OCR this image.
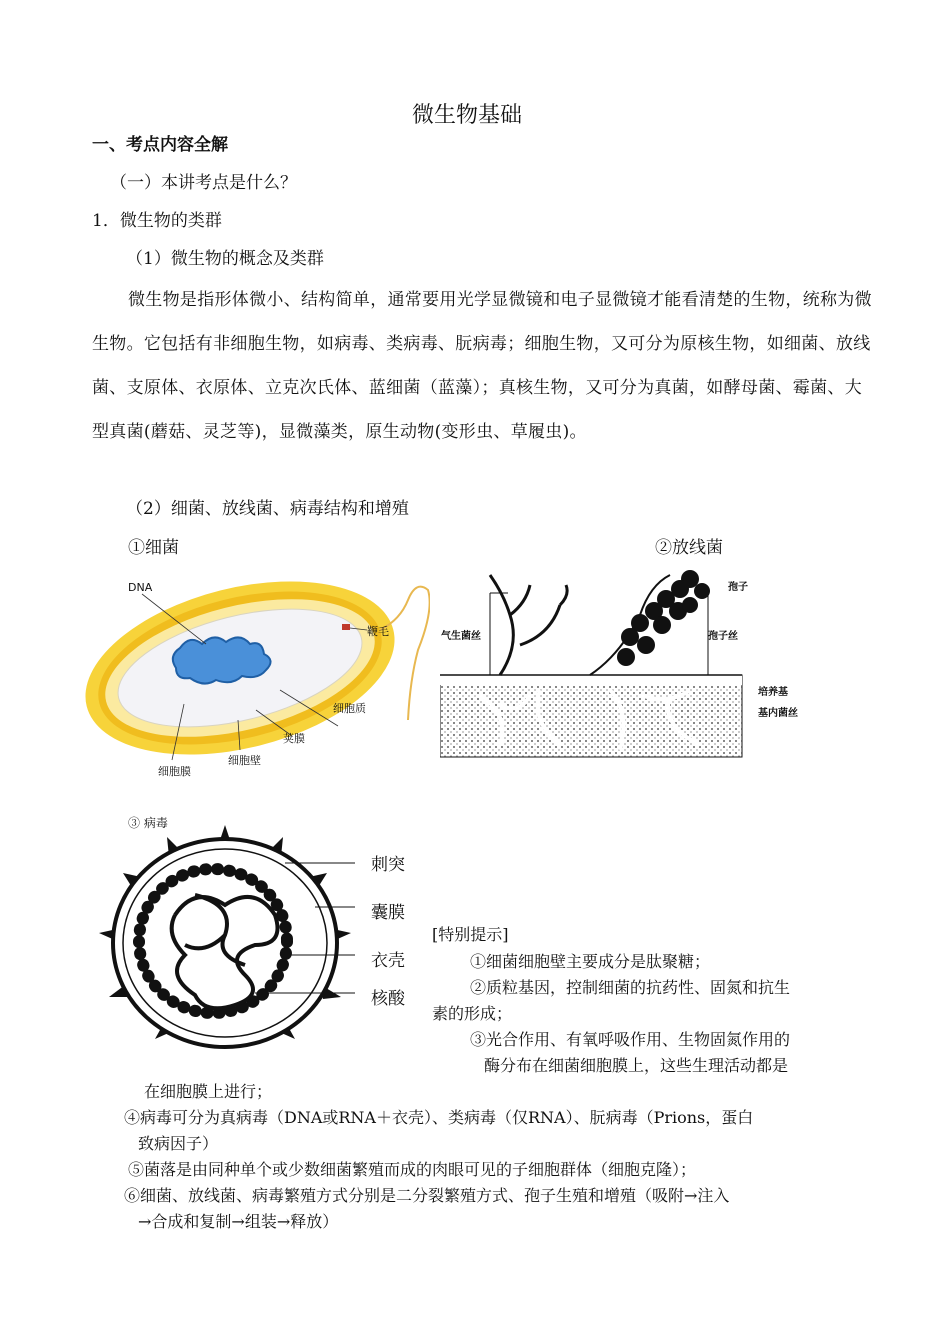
微生物基础
一、考点内容全解
（一）本讲考点是什么？
1．微生物的类群
（1）微生物的概念及类群
微生物是指形体微小、结构简单，通常要用光学显微镜和电子显微镜才能看清楚的生物，统称为微生物。它包括有非细胞生物，如病毒、类病毒、朊病毒；细胞生物，又可分为原核生物，如细菌、放线菌、支原体、衣原体、立克次氏体、蓝细菌（蓝藻）；真核生物，又可分为真菌，如酵母菌、霉菌、大型真菌(蘑菇、灵芝等)，显微藻类，原生动物(变形虫、草履虫)。
（2）细菌、放线菌、病毒结构和增殖
①细菌	②放线菌
DNA
鞭毛
细胞质
荚膜
细胞壁
细胞膜
孢子
气生菌丝	孢子丝
培养基
基内菌丝
③ 病毒
刺突
囊膜
衣壳
核酸
[特别提示]
①细菌细胞壁主要成分是肽聚糖；
②质粒基因，控制细菌的抗药性、固氮和抗生
素的形成；
③光合作用、有氧呼吸作用、生物固氮作用的
酶分布在细菌细胞膜上，这些生理活动都是
在细胞膜上进行；
④病毒可分为真病毒（DNA或RNA＋衣壳）、类病毒（仅RNA）、朊病毒（Prions，蛋白
致病因子）
⑤菌落是由同种单个或少数细菌繁殖而成的肉眼可见的子细胞群体（细胞克隆）；
⑥细菌、放线菌、病毒繁殖方式分别是二分裂繁殖方式、孢子生殖和增殖（吸附→注入
→合成和复制→组装→释放）
